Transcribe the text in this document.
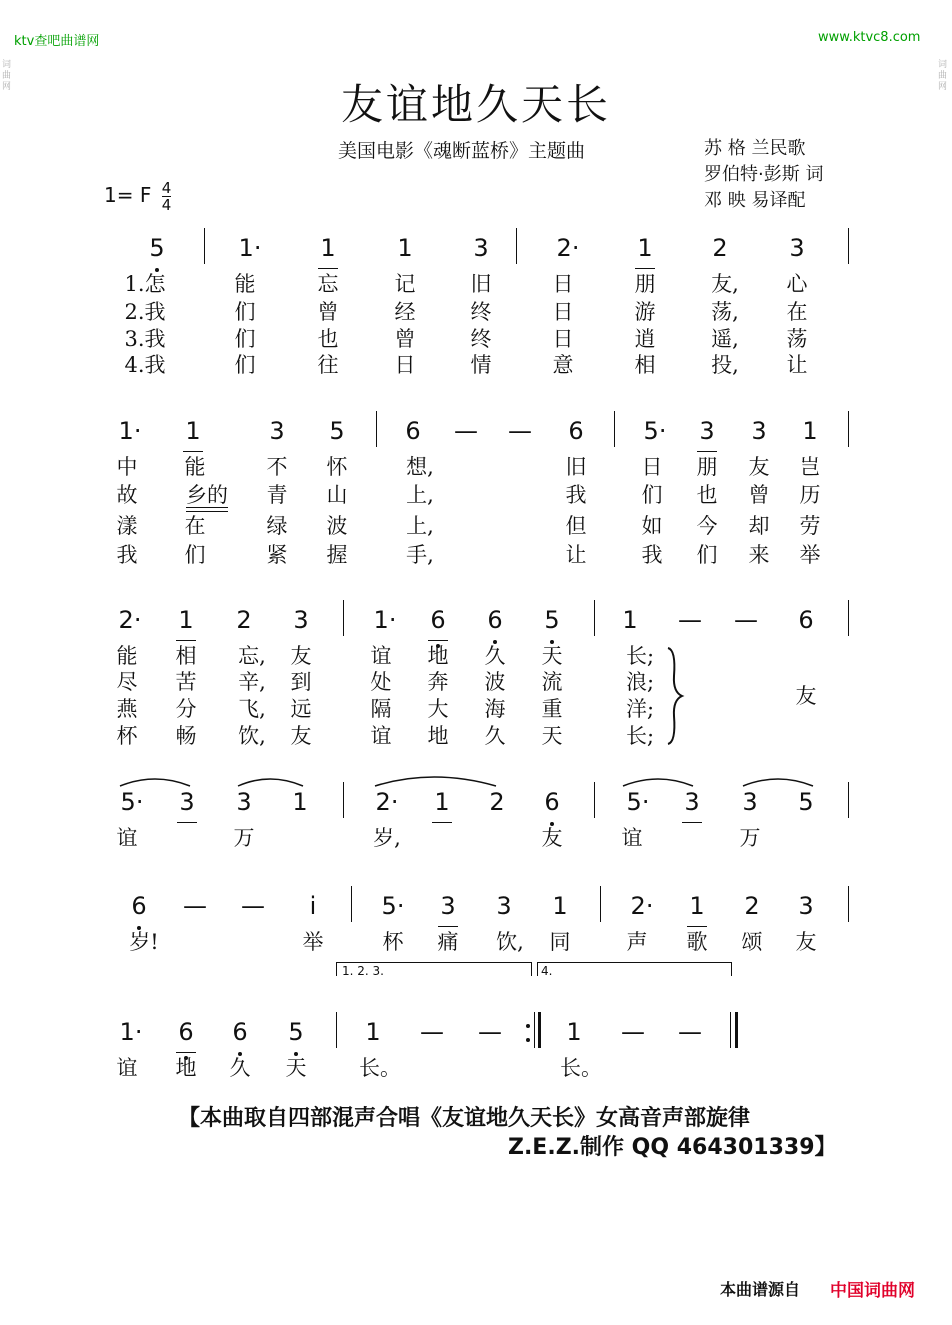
ktv查吧曲谱网	www.ktvc8.com
词曲网
词曲网
友谊地久天长
美国电影《魂断蓝桥》主题曲	苏 格 兰民歌
罗伯特·彭斯 词
邓 映 易译配
1= F $\frac{4}{4}$
5	1· 1	1	3	2· 1 2	3
1.怎	能	忘	记	旧	日	朋	友, 心
2.我	们	曾	经	终	日	游	荡, 在
3.我	们	也	曾	终	日	逍	遥, 荡
4.我	们	往	日	情	意	相	投, 让
1· 1	3 5	6 — — 6 5· 3 3 1
中 能	不 怀	想,	旧	日 朋 友 岂
故 乡的 青 山	上,	我	们 也 曾 历
漾 在	绿 波	上,	但	如 今 却 劳
我 们	紧 握	手,	让	我 们 来 举
2· 1 2 3	1· 6 6 5	1 — — 6
能 相 忘, 友	谊 地 久 天	长;
尽 苦 辛, 到	处 奔 波 流	浪;
燕 分 飞, 远	隔 大 海 重	洋;
杯 畅 饮, 友	谊 地 久 天	长;
友
5· 3 3 1	2· 1 2 6	5· 3 3 5
谊	万	岁,	友	谊	万
6 — — i	5· 3 3 1	2· 1 2 3
岁!	举	杯 痛 饮, 同	声 歌 颂 友
1. 2. 3.	4.
1· 6 6 5	1 — —	1 — —
谊 地 久 天	长。	长。
【本曲取自四部混声合唱《友谊地久天长》女高音声部旋律
Z.E.Z.制作 QQ 464301339】
本曲谱源自 中国词曲网
